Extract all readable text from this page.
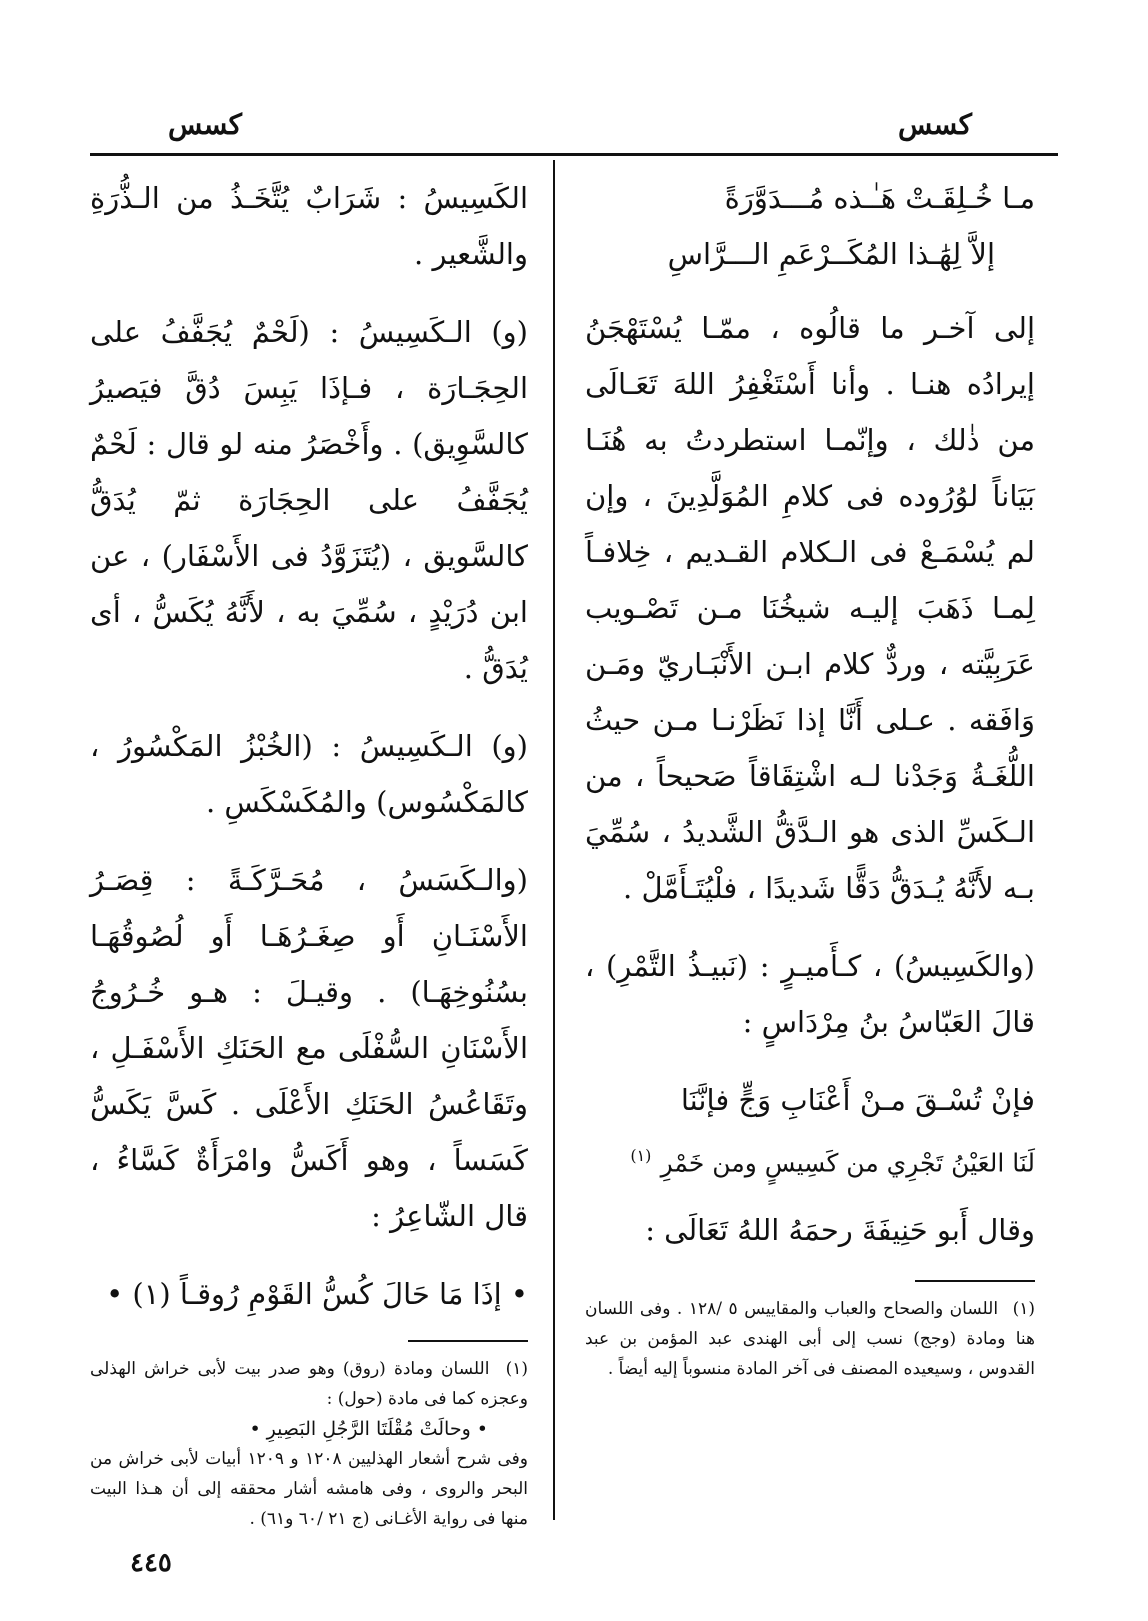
كسس
كسس
مـا خُـلِقَـتْ هَـٰـذه مُـــدَوَّرَةً
إلاَّ لِهَٰـذا المُكَــرْعَمِ الـــرَّاسِ

إلى آخـر ما قالُوه ، ممّـا يُسْتَهْجَنُ إيرادُه هنـا . وأنا أَسْتَغْفِرُ اللهَ تَعَـالَى من ذٰلك ، وإنّمـا استطردتُ به هُنَـا بَيَاناً لوُرُوده فى كلامِ المُوَلَّدِينَ ، وإن لم يُسْمَـعْ فى الـكلام القـديم ، خِلافـاً لِمـا ذَهَبَ إليـه شيخُنَا مـن تَصْـويب عَرَبِيَّته ، وردٌّ كلام ابـن الأَنْبَـاريّ ومَـن وَافَقه . عـلى أَنَّا إذا نَظَرْنـا مـن حيثُ اللُّغَـةُ وَجَدْنا لـه اشْتِقَاقاً صَحيحاً ، من الـكَسِّ الذى هو الـدَّقُّ الشَّديدُ ، سُمِّيَ بـه لأَنَّهُ يُـدَقُّ دَقًّا شَديدًا ، فلْيُتَـأَمَّلْ .

(والكَسِيسُ) ، كـأَميـرٍ : (نَبيـذُ التَّمْرِ) ، قالَ العَبّاسُ بنُ مِرْدَاسٍ :

فإنْ تُسْـقَ مـنْ أَعْنَابِ وَجٍّ فإنَّنَا
لَنَا العَيْنُ تَجْرِي من كَسِيسٍ ومن خَمْرِ $^{(١)}$

وقال أَبو حَنِيفَةَ رحمَهُ اللهُ تَعَالَى :

(١) اللسان والصحاح والعباب والمقاييس ٥ /١٢٨ . وفى اللسان هنا ومادة (وجج) نسب إلى أبى الهندى عبد المؤمن بن عبد القدوس ، وسيعيده المصنف فى آخر المادة منسوباً إليه أيضاً .

الكَسِيسُ : شَرَابٌ يُتَّخَـذُ من الـذُّرَةِ والشَّعير .

(و) الـكَسِيسُ : (لَحْمٌ يُجَفَّفُ على الحِجَـارَة ، فـإذَا يَبِسَ دُقَّ فيَصيرُ كالسَّوِيق) . وأَخْصَرُ منه لو قال : لَحْمٌ يُجَفَّفُ على الحِجَارَة ثمّ يُدَقُّ كالسَّويق ، (يُتَزَوَّدُ فى الأَسْفَار) ، عن ابن دُرَيْدٍ ، سُمِّيَ به ، لأَنَّهُ يُكَسُّ ، أى يُدَقُّ .

(و) الـكَسِيسُ : (الخُبْزُ المَكْسُورُ ، كالمَكْسُوس) والمُكَسْكَسِ .

(والـكَسَسُ ، مُحَـرَّكَـةً : قِصَـرُ الأَسْنَـانِ أَو صِغَـرُهَـا أَو لُصُوقُهَـا بسُنُوخِهَـا) . وقيـلَ : هـو خُـرُوجُ الأَسْنَانِ السُّفْلَى مع الحَنَكِ الأَسْفَـلِ ، وتَقَاعُسُ الحَنَكِ الأَعْلَى . كَسَّ يَكَسُّ كَسَساً ، وهو أَكَسُّ وامْرَأَةٌ كَسَّاءُ ، قال الشّاعِرُ :

• إذَا مَا حَالَ كُسُّ القَوْمِ رُوقـاً (١) •

(١) اللسان ومادة (روق) وهو صدر بيت لأبى خراش الهذلى وعجزه كما فى مادة (حول) :

• وحالَتْ مُقْلَتَا الرَّجُلِ البَصِيرِ •

وفى شرح أشعار الهذليين ١٢٠٨ و ١٢٠٩ أبيات لأبى خراش من البحر والروى ، وفى هامشه أشار محققه إلى أن هـذا البيت منها فى رواية الأغـانى (ج ٢١ /٦٠ و٦١) .

٤٤٥
